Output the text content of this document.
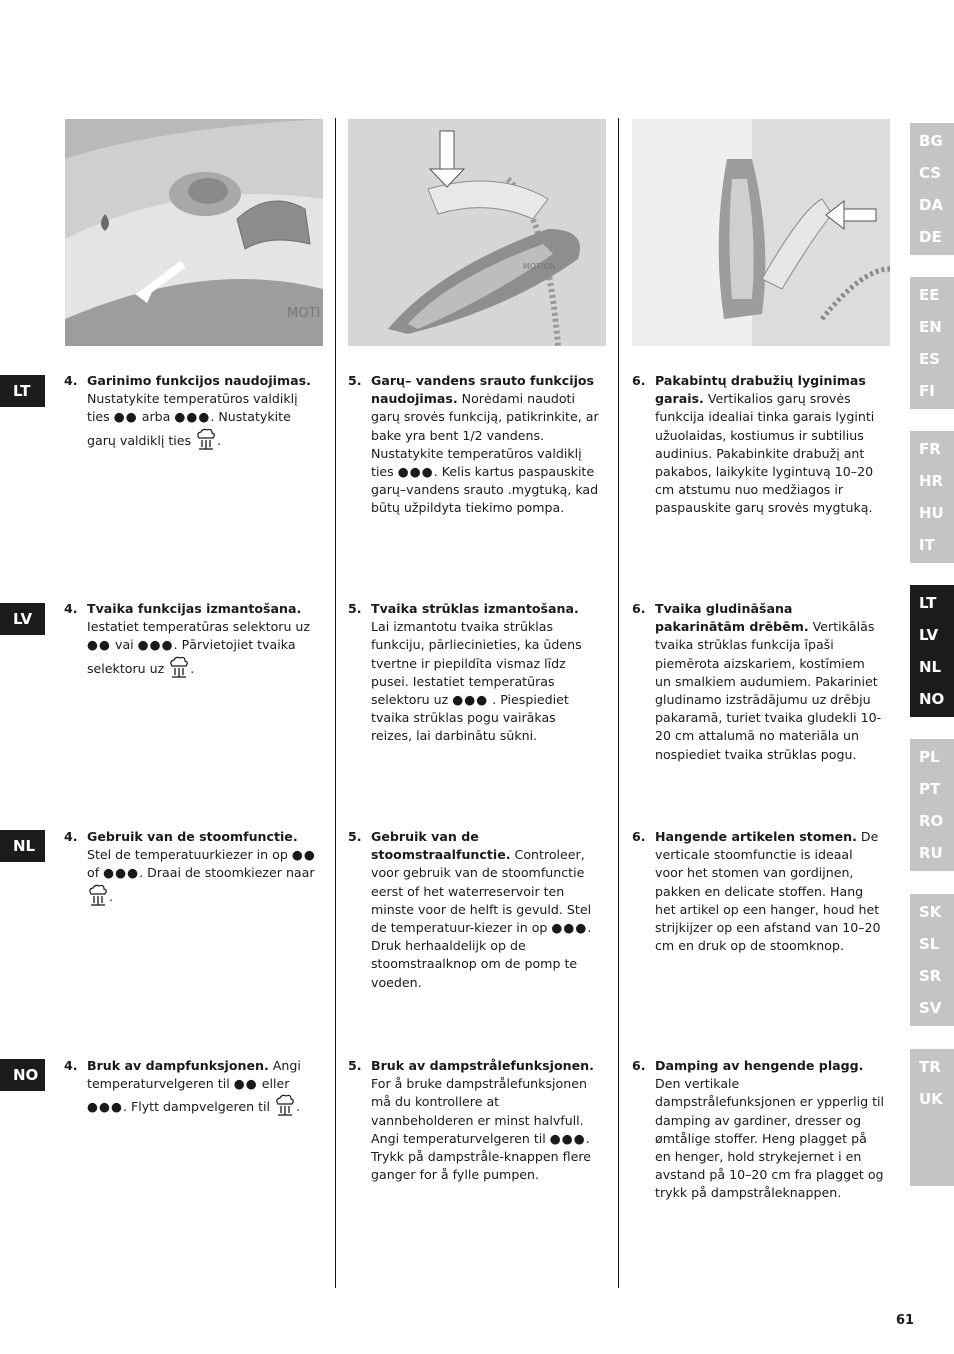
MOTI
MOTION
LT
LV
NL
NO
4. Garinimo funkcijos naudojimas.
Nustatykite temperatūros valdiklį ties ●● arba ●●●. Nustatykite garų valdiklį ties .
5. Garų– vandens srauto funkcijos naudojimas. Norėdami naudoti garų srovės funkciją, patikrinkite, ar bake yra bent 1/2 vandens. Nustatykite temperatūros valdiklį ties ●●●. Kelis kartus paspauskite garų–vandens srauto .mygtuką, kad būtų užpildyta tiekimo pompa.
6. Pakabintų drabužių lyginimas garais. Vertikalios garų srovės funkcija idealiai tinka garais lyginti užuolaidas, kostiumus ir subtilius audinius. Pakabinkite drabužį ant pakabos, laikykite lygintuvą 10–20 cm atstumu nuo medžiagos ir paspauskite garų srovės mygtuką.
4. Tvaika funkcijas izmantošana.
Iestatiet temperatūras selektoru uz ●● vai ●●●. Pārvietojiet tvaika selektoru uz .
5. Tvaika strūklas izmantošana.
Lai izmantotu tvaika strūklas funkciju, pārliecinieties, ka ūdens tvertne ir piepildīta vismaz līdz pusei. Iestatiet temperatūras selektoru uz ●●● . Piespiediet tvaika strūklas pogu vairākas reizes, lai darbinātu sūkni.
6. Tvaika gludināšana pakarinātām drēbēm. Vertikālās tvaika strūklas funkcija īpaši piemērota aizskariem, kostīmiem un smalkiem audumiem. Pakariniet gludinamo izstrādājumu uz drēbju pakaramā, turiet tvaika gludekli 10-20 cm attalumā no materiāla un nospiediet tvaika strūklas pogu.
4. Gebruik van de stoomfunctie. Stel de temperatuurkiezer in op ●● of ●●●. Draai de stoomkiezer naar .
5. Gebruik van de stoomstraalfunctie. Controleer, voor gebruik van de stoomfunctie eerst of het waterreservoir ten minste voor de helft is gevuld. Stel de temperatuur-kiezer in op ●●●. Druk herhaaldelijk op de stoomstraalknop om de pomp te voeden.
6. Hangende artikelen stomen. De verticale stoomfunctie is ideaal voor het stomen van gordijnen, pakken en delicate stoffen. Hang het artikel op een hanger, houd het strijkijzer op een afstand van 10–20 cm en druk op de stoomknop.
4. Bruk av dampfunksjonen. Angi temperaturvelgeren til ●● eller ●●●. Flytt dampvelgeren til .
5. Bruk av dampstrålefunksjonen. For å bruke dampstrålefunksjonen må du kontrollere at vannbeholderen er minst halvfull. Angi temperaturvelgeren til ●●●. Trykk på dampstråle-knappen flere ganger for å fylle pumpen.
6. Damping av hengende plagg. Den vertikale dampstrålefunksjonen er ypperlig til damping av gardiner, dresser og ømtålige stoffer. Heng plagget på en henger, hold strykejernet i en avstand på 10–20 cm fra plagget og trykk på dampstråleknappen.
BG
CS
DA
DE
EE
EN
ES
FI
FR
HR
HU
IT
LT
LV
NL
NO
PL
PT
RO
RU
SK
SL
SR
SV
TR
UK
61
